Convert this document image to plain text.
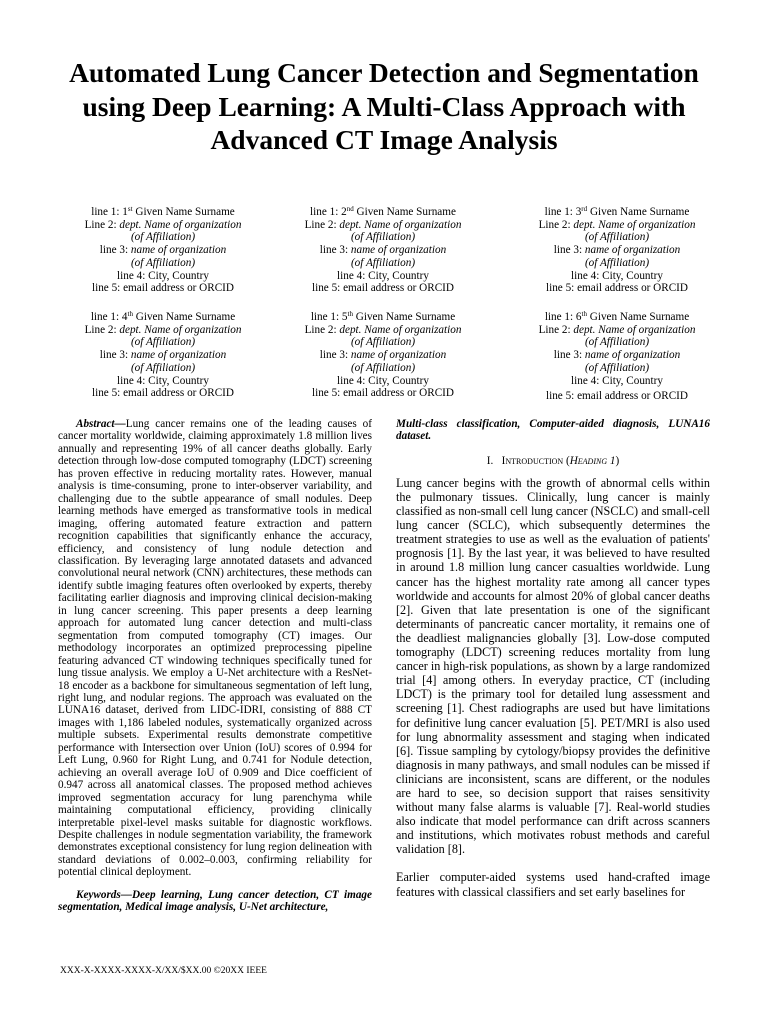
Automated Lung Cancer Detection and Segmentation using Deep Learning: A Multi-Class Approach with Advanced CT Image Analysis
line 1: 1st Given Name Surname
Line 2: dept. Name of organization
(of Affiliation)
line 3: name of organization
(of Affiliation)
line 4: City, Country
line 5: email address or ORCID
line 1: 2nd Given Name Surname
Line 2: dept. Name of organization
(of Affiliation)
line 3: name of organization
(of Affiliation)
line 4: City, Country
line 5: email address or ORCID
line 1: 3rd Given Name Surname
Line 2: dept. Name of organization
(of Affiliation)
line 3: name of organization
(of Affiliation)
line 4: City, Country
line 5: email address or ORCID
line 1: 4th Given Name Surname
Line 2: dept. Name of organization
(of Affiliation)
line 3: name of organization
(of Affiliation)
line 4: City, Country
line 5: email address or ORCID
line 1: 5th Given Name Surname
Line 2: dept. Name of organization
(of Affiliation)
line 3: name of organization
(of Affiliation)
line 4: City, Country
line 5: email address or ORCID
line 1: 6th Given Name Surname
Line 2: dept. Name of organization
(of Affiliation)
line 3: name of organization
(of Affiliation)
line 4: City, Country
line 5: email address or ORCID

Abstract—Lung cancer remains one of the leading causes of cancer mortality worldwide, claiming approximately 1.8 million lives annually and representing 19% of all cancer deaths globally. Early detection through low-dose computed tomography (LDCT) screening has proven effective in reducing mortality rates. However, manual analysis is time-consuming, prone to inter-observer variability, and challenging due to the subtle appearance of small nodules. Deep learning methods have emerged as transformative tools in medical imaging, offering automated feature extraction and pattern recognition capabilities that significantly enhance the accuracy, efficiency, and consistency of lung nodule detection and classification. By leveraging large annotated datasets and advanced convolutional neural network (CNN) architectures, these methods can identify subtle imaging features often overlooked by experts, thereby facilitating earlier diagnosis and improving clinical decision-making in lung cancer screening. This paper presents a deep learning approach for automated lung cancer detection and multi-class segmentation from computed tomography (CT) images. Our methodology incorporates an optimized preprocessing pipeline featuring advanced CT windowing techniques specifically tuned for lung tissue analysis. We employ a U-Net architecture with a ResNet-18 encoder as a backbone for simultaneous segmentation of left lung, right lung, and nodular regions. The approach was evaluated on the LUNA16 dataset, derived from LIDC-IDRI, consisting of 888 CT images with 1,186 labeled nodules, systematically organized across multiple subsets. Experimental results demonstrate competitive performance with Intersection over Union (IoU) scores of 0.994 for Left Lung, 0.960 for Right Lung, and 0.741 for Nodule detection, achieving an overall average IoU of 0.909 and Dice coefficient of 0.947 across all anatomical classes. The proposed method achieves improved segmentation accuracy for lung parenchyma while maintaining computational efficiency, providing clinically interpretable pixel-level masks suitable for diagnostic workflows. Despite challenges in nodule segmentation variability, the framework demonstrates exceptional consistency for lung region delineation with standard deviations of 0.002–0.003, confirming reliability for potential clinical deployment.

Keywords—Deep learning, Lung cancer detection, CT image segmentation, Medical image analysis, U-Net architecture,

Multi-class classification, Computer-aided diagnosis, LUNA16 dataset.

I. Introduction (Heading 1)

Lung cancer begins with the growth of abnormal cells within the pulmonary tissues. Clinically, lung cancer is mainly classified as non-small cell lung cancer (NSCLC) and small-cell lung cancer (SCLC), which subsequently determines the treatment strategies to use as well as the evaluation of patients' prognosis [1]. By the last year, it was believed to have resulted in around 1.8 million lung cancer casualties worldwide. Lung cancer has the highest mortality rate among all cancer types worldwide and accounts for almost 20% of global cancer deaths [2]. Given that late presentation is one of the significant determinants of pancreatic cancer mortality, it remains one of the deadliest malignancies globally [3]. Low-dose computed tomography (LDCT) screening reduces mortality from lung cancer in high-risk populations, as shown by a large randomized trial [4] among others. In everyday practice, CT (including LDCT) is the primary tool for detailed lung assessment and screening [1]. Chest radiographs are used but have limitations for definitive lung cancer evaluation [5]. PET/MRI is also used for lung abnormality assessment and staging when indicated [6]. Tissue sampling by cytology/biopsy provides the definitive diagnosis in many pathways, and small nodules can be missed if clinicians are inconsistent, scans are different, or the nodules are hard to see, so decision support that raises sensitivity without many false alarms is valuable [7]. Real-world studies also indicate that model performance can drift across scanners and institutions, which motivates robust methods and careful validation [8].

Earlier computer-aided systems used hand-crafted image features with classical classifiers and set early baselines for

XXX-X-XXXX-XXXX-X/XX/$XX.00 ©20XX IEEE
